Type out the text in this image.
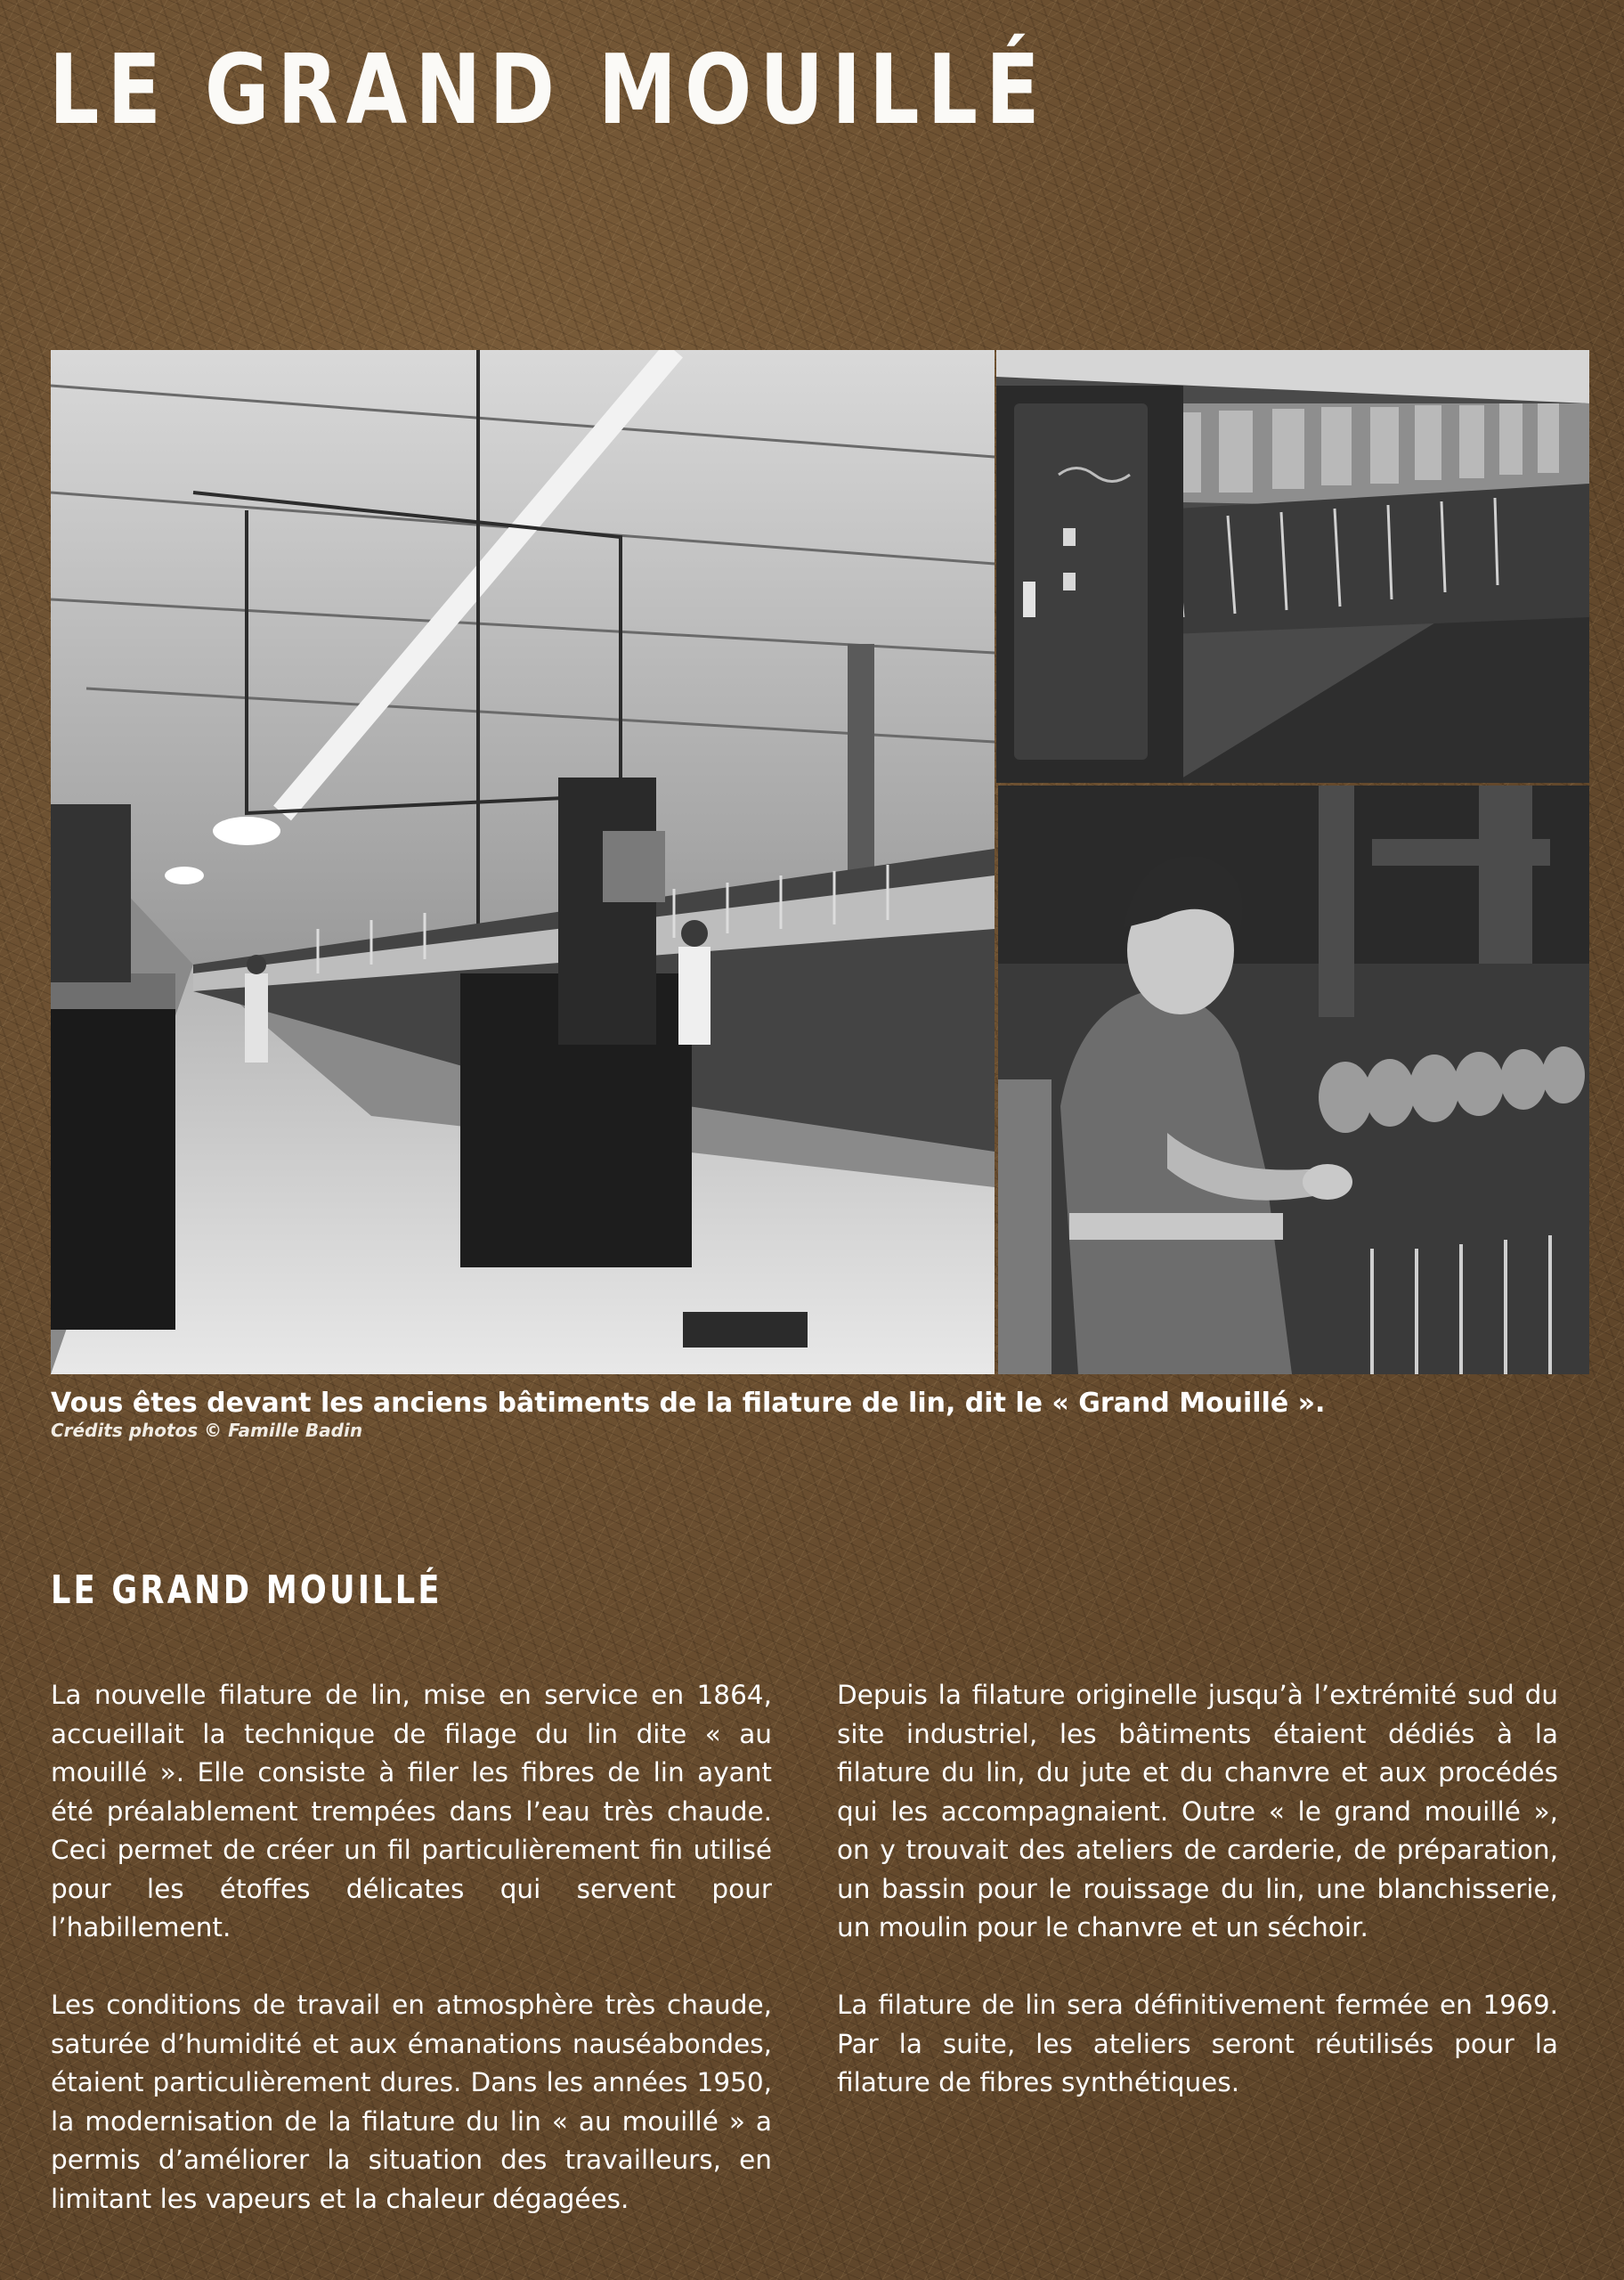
LE GRAND MOUILLÉ

Vous êtes devant les anciens bâtiments de la filature de lin, dit le « Grand Mouillé ».

Crédits photos © Famille Badin

LE GRAND MOUILLÉ

La nouvelle filature de lin, mise en service en 1864, accueillait la technique de filage du lin dite « au mouillé ». Elle consiste à filer les fibres de lin ayant été préalablement trempées dans l’eau très chaude. Ceci permet de créer un fil particulièrement fin utilisé pour les étoffes délicates qui servent pour l’habillement.

Les conditions de travail en atmosphère très chaude, saturée d’humidité et aux émanations nauséabondes, étaient particulièrement dures. Dans les années 1950, la modernisation de la filature du lin « au mouillé » a permis d’améliorer la situation des travailleurs, en limitant les vapeurs et la chaleur dégagées.

Depuis la filature originelle jusqu’à l’extrémité sud du site industriel, les bâtiments étaient dédiés à la filature du lin, du jute et du chanvre et aux procédés qui les accompagnaient. Outre « le grand mouillé », on y trouvait des ateliers de carderie, de préparation, un bassin pour le rouissage du lin, une blanchisserie, un moulin pour le chanvre et un séchoir.

La filature de lin sera définitivement fermée en 1969. Par la suite, les ateliers seront réutilisés pour la filature de fibres synthétiques.
